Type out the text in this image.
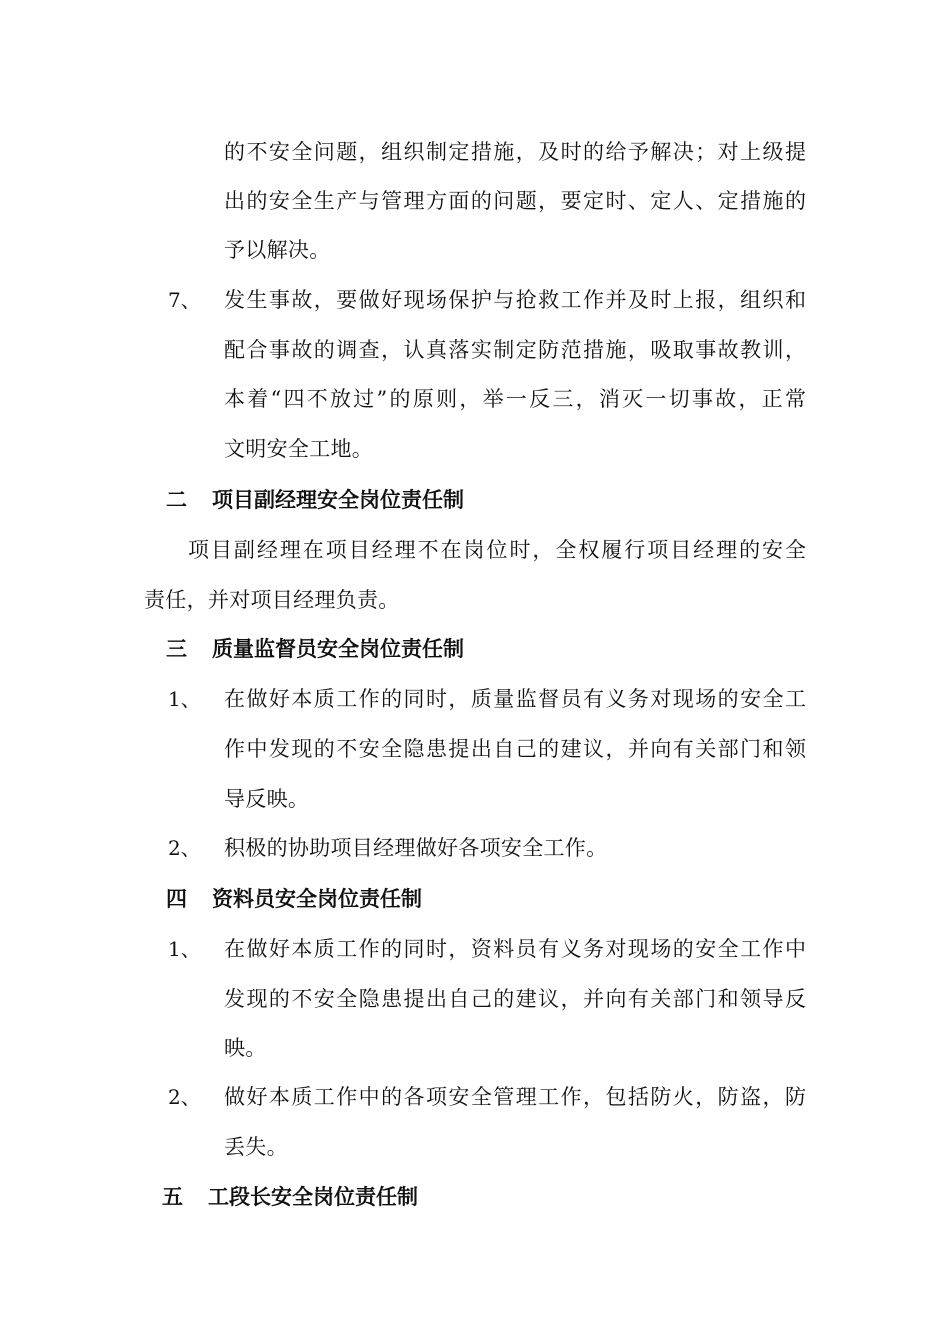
的不安全问题，组织制定措施，及时的给予解决；对上级提
出的安全生产与管理方面的问题，要定时、定人、定措施的
予以解决。
7、 发生事故，要做好现场保护与抢救工作并及时上报，组织和
配合事故的调查，认真落实制定防范措施，吸取事故教训，
本着“四不放过”的原则，举一反三，消灭一切事故，正常
文明安全工地。
二 项目副经理安全岗位责任制
项目副经理在项目经理不在岗位时，全权履行项目经理的安全
责任，并对项目经理负责。
三 质量监督员安全岗位责任制
1、 在做好本质工作的同时，质量监督员有义务对现场的安全工
作中发现的不安全隐患提出自己的建议，并向有关部门和领
导反映。
2、 积极的协助项目经理做好各项安全工作。
四 资料员安全岗位责任制
1、 在做好本质工作的同时，资料员有义务对现场的安全工作中
发现的不安全隐患提出自己的建议，并向有关部门和领导反
映。
2、 做好本质工作中的各项安全管理工作，包括防火，防盗，防
丢失。
五 工段长安全岗位责任制
